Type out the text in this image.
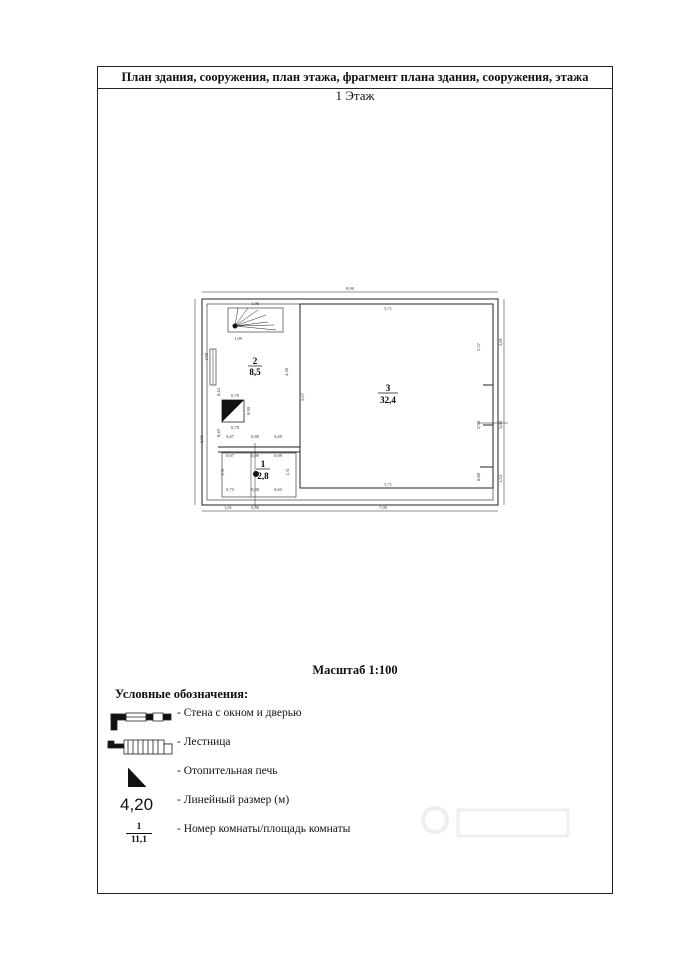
План здания, сооружения, план этажа, фрагмент плана здания, сооружения, этажа
1 Этаж
2
8,5
3
32,4
1
2,8
8,90
5,71
3,01
2,57
5,67
1,06
1,09
1,90
4,38
0,44 0,70
0,90
0,70
0,49
5,65	0,67	0,80	0,69
0,67	0,80	0,69
1,31	1,31
0,73	0,80	0,63
1,01	0,80	7,09
5,71
2,90
0,80	1,24
3,04
Масштаб 1:100
Условные обозначения:
- Стена с окном и дверью
- Лестница
- Отопительная печь
4,20 - Линейный размер (м)
1
11,1
- Номер комнаты/площадь комнаты
